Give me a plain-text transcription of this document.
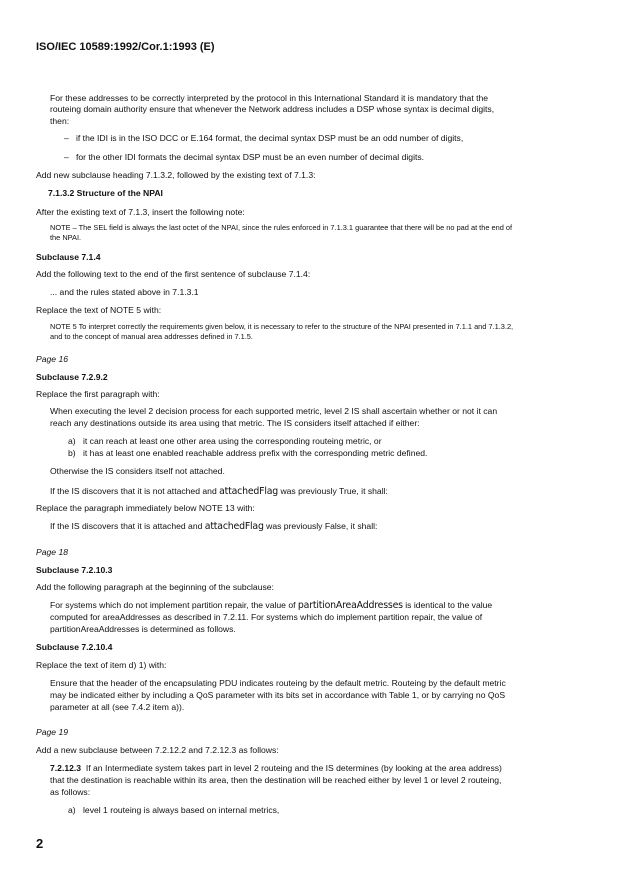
ISO/IEC 10589:1992/Cor.1:1993 (E)
For these addresses to be correctly interpreted by the protocol in this International Standard it is mandatory that the
routeing domain authority ensure that whenever the Network address includes a DSP whose syntax is decimal digits,
then:
– if the IDI is in the ISO DCC or E.164 format, the decimal syntax DSP must be an odd number of digits,
– for the other IDI formats the decimal syntax DSP must be an even number of decimal digits.
Add new subclause heading 7.1.3.2, followed by the existing text of 7.1.3:
7.1.3.2 Structure of the NPAI
After the existing text of 7.1.3, insert the following note:
NOTE – The SEL field is always the last octet of the NPAI, since the rules enforced in 7.1.3.1 guarantee that there will be no pad at the end of
the NPAI.
Subclause 7.1.4
Add the following text to the end of the first sentence of subclause 7.1.4:
... and the rules stated above in 7.1.3.1
Replace the text of NOTE 5 with:
NOTE 5 To interpret correctly the requirements given below, it is necessary to refer to the structure of the NPAI presented in 7.1.1 and 7.1.3.2,
and to the concept of manual area addresses defined in 7.1.5.
Page 16
Subclause 7.2.9.2
Replace the first paragraph with:
When executing the level 2 decision process for each supported metric, level 2 IS shall ascertain whether or not it can
reach any destinations outside its area using that metric. The IS considers itself attached if either:
a) it can reach at least one other area using the corresponding routeing metric, or
b) it has at least one enabled reachable address prefix with the corresponding metric defined.
Otherwise the IS considers itself not attached.
If the IS discovers that it is not attached and attachedFlag was previously True, it shall:
Replace the paragraph immediately below NOTE 13 with:
If the IS discovers that it is attached and attachedFlag was previously False, it shall:
Page 18
Subclause 7.2.10.3
Add the following paragraph at the beginning of the subclause:
For systems which do not implement partition repair, the value of partitionAreaAddresses is identical to the value
computed for areaAddresses as described in 7.2.11. For systems which do implement partition repair, the value of
partitionAreaAddresses is determined as follows.
Subclause 7.2.10.4
Replace the text of item d) 1) with:
Ensure that the header of the encapsulating PDU indicates routeing by the default metric. Routeing by the default metric
may be indicated either by including a QoS parameter with its bits set in accordance with Table 1, or by carrying no QoS
parameter at all (see 7.4.2 item a)).
Page 19
Add a new subclause between 7.2.12.2 and 7.2.12.3 as follows:
7.2.12.3 If an Intermediate system takes part in level 2 routeing and the IS determines (by looking at the area address)
that the destination is reachable within its area, then the destination will be reached either by level 1 or level 2 routeing,
as follows:
a) level 1 routeing is always based on internal metrics,
2
